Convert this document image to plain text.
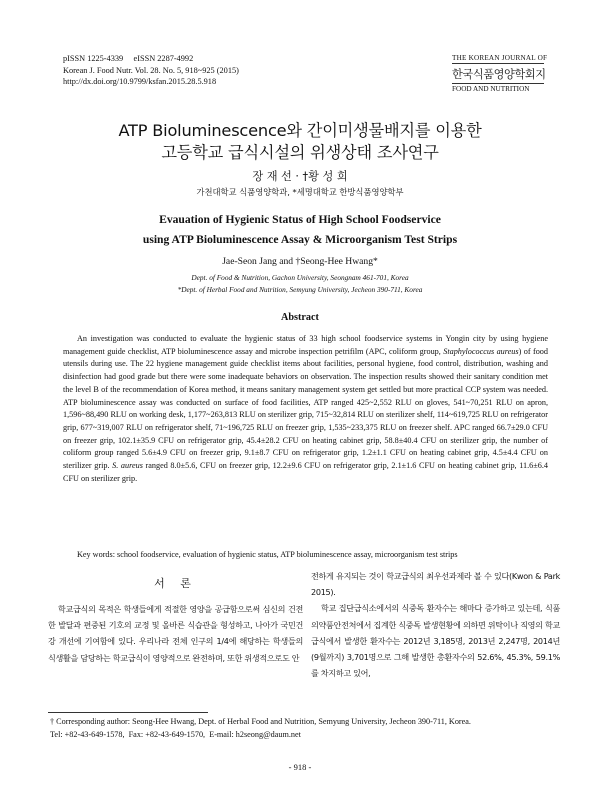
pISSN 1225-4339     eISSN 2287-4992
Korean J. Food Nutr. Vol. 28. No. 5, 918~925 (2015)
http://dx.doi.org/10.9799/ksfan.2015.28.5.918
THE KOREAN JOURNAL OF
한국식품영양학회지
FOOD AND NUTRITION
ATP Bioluminescence와 간이미생물배지를 이용한
고등학교 급식시설의 위생상태 조사연구
장 재 선 · †황 성 희
가천대학교 식품영양학과, *세명대학교 한방식품영양학부
Evauation of Hygienic Status of High School Foodservice
using ATP Bioluminescence Assay & Microorganism Test Strips
Jae-Seon Jang and †Seong-Hee Hwang*
Dept. of Food & Nutrition, Gachon University, Seongnam 461-701, Korea
*Dept. of Herbal Food and Nutrition, Semyung University, Jecheon 390-711, Korea
Abstract
An investigation was conducted to evaluate the hygienic status of 33 high school foodservice systems in Yongin city by using hygiene management guide checklist, ATP bioluminescence assay and microbe inspection petrifilm (APC, coliform group, Staphylococcus aureus) of food utensils during use. The 22 hygiene management guide checklist items about facilities, personal hygiene, food control, distribution, washing and disinfection had good grade but there were some inadequate behaviors on observation. The inspection results showed their sanitary condition met the level B of the recommendation of Korea method, it means sanitary management system get settled but more practical CCP system was needed. ATP bioluminescence assay was conducted on surface of food facilities, ATP ranged 425~2,552 RLU on gloves, 541~70,251 RLU on apron, 1,596~88,490 RLU on working desk, 1,177~263,813 RLU on sterilizer grip, 715~32,814 RLU on sterilizer shelf, 114~619,725 RLU on refrigerator grip, 677~319,007 RLU on refrigerator shelf, 71~196,725 RLU on freezer grip, 1,535~233,375 RLU on freezer shelf. APC ranged 66.7±29.0 CFU on freezer grip, 102.1±35.9 CFU on refrigerator grip, 45.4±28.2 CFU on heating cabinet grip, 58.8±40.4 CFU on sterilizer grip, the number of coliform group ranged 5.6±4.9 CFU on freezer grip, 9.1±8.7 CFU on refrigerator grip, 1.2±1.1 CFU on heating cabinet grip, 4.5±4.4 CFU on sterilizer grip. S. aureus ranged 8.0±5.6, CFU on freezer grip, 12.2±9.6 CFU on refrigerator grip, 2.1±1.6 CFU on heating cabinet grip, 11.6±6.4 CFU on sterilizer grip.
Key words: school foodservice, evaluation of hygienic status, ATP bioluminescence assay, microorganism test strips
서 론

학교급식의 목적은 학생들에게 적절한 영양을 공급함으로써 심신의 건전한 발달과 편중된 기호의 교정 및 올바른 식습관을 형성하고, 나아가 국민건강 개선에 기여함에 있다. 우리나라 전체 인구의 1/4에 해당하는 학생들의 식생활을 담당하는 학교급식이 영양적으로 완전하며, 또한 위생적으로도 안

전하게 유지되는 것이 학교급식의 최우선과제라 볼 수 있다(Kwon & Park 2015).

학교 집단급식소에서의 식중독 환자수는 해마다 증가하고 있는데, 식품의약품안전처에서 집계한 식중독 발생현황에 의하면 위탁이나 직영의 학교급식에서 발생한 환자수는 2012년 3,185명, 2013년 2,247명, 2014년(9월까지) 3,701명으로 그해 발생한 총환자수의 52.6%, 45.3%, 59.1%를 차지하고 있어,

† Corresponding author: Seong-Hee Hwang, Dept. of Herbal Food and Nutrition, Semyung University, Jecheon 390-711, Korea.
Tel: +82-43-649-1578,  Fax: +82-43-649-1570,  E-mail: h2seong@daum.net
- 918 -
